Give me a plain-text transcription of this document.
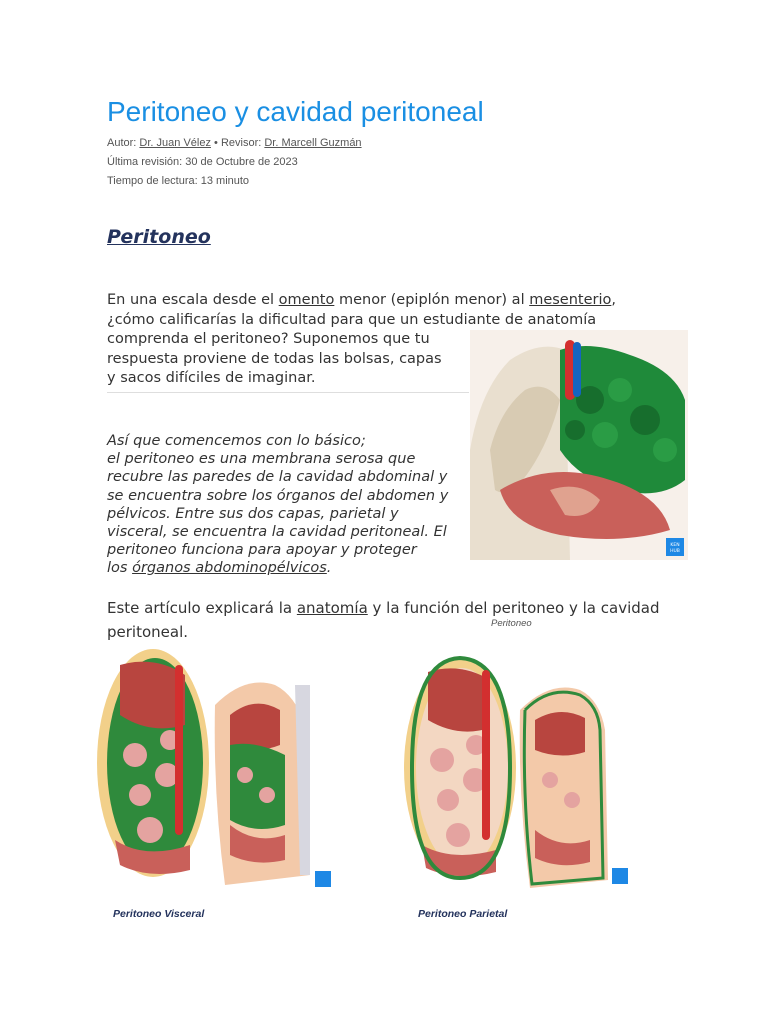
Peritoneo y cavidad peritoneal
Autor: Dr. Juan Vélez • Revisor: Dr. Marcell Guzmán
Última revisión: 30 de Octubre de 2023
Tiempo de lectura: 13 minuto
Peritoneo
En una escala desde el omento menor (epiplón menor) al mesenterio,
¿cómo calificarías la dificultad para que un estudiante de anatomía
comprenda el peritoneo? Suponemos que tu
respuesta proviene de todas las bolsas, capas
y sacos difíciles de imaginar.
Así que comencemos con lo básico;
el peritoneo es una membrana serosa que
recubre las paredes de la cavidad abdominal y
se encuentra sobre los órganos del abdomen y
pélvicos. Entre sus dos capas, parietal y
visceral, se encuentra la cavidad peritoneal. El
peritoneo funciona para apoyar y proteger
los órganos abdominopélvicos.
KEN
HUB
Este artículo explicará la anatomía y la función del peritoneo y la cavidad
peritoneal.	Peritoneo
Peritoneo Visceral	Peritoneo Parietal
